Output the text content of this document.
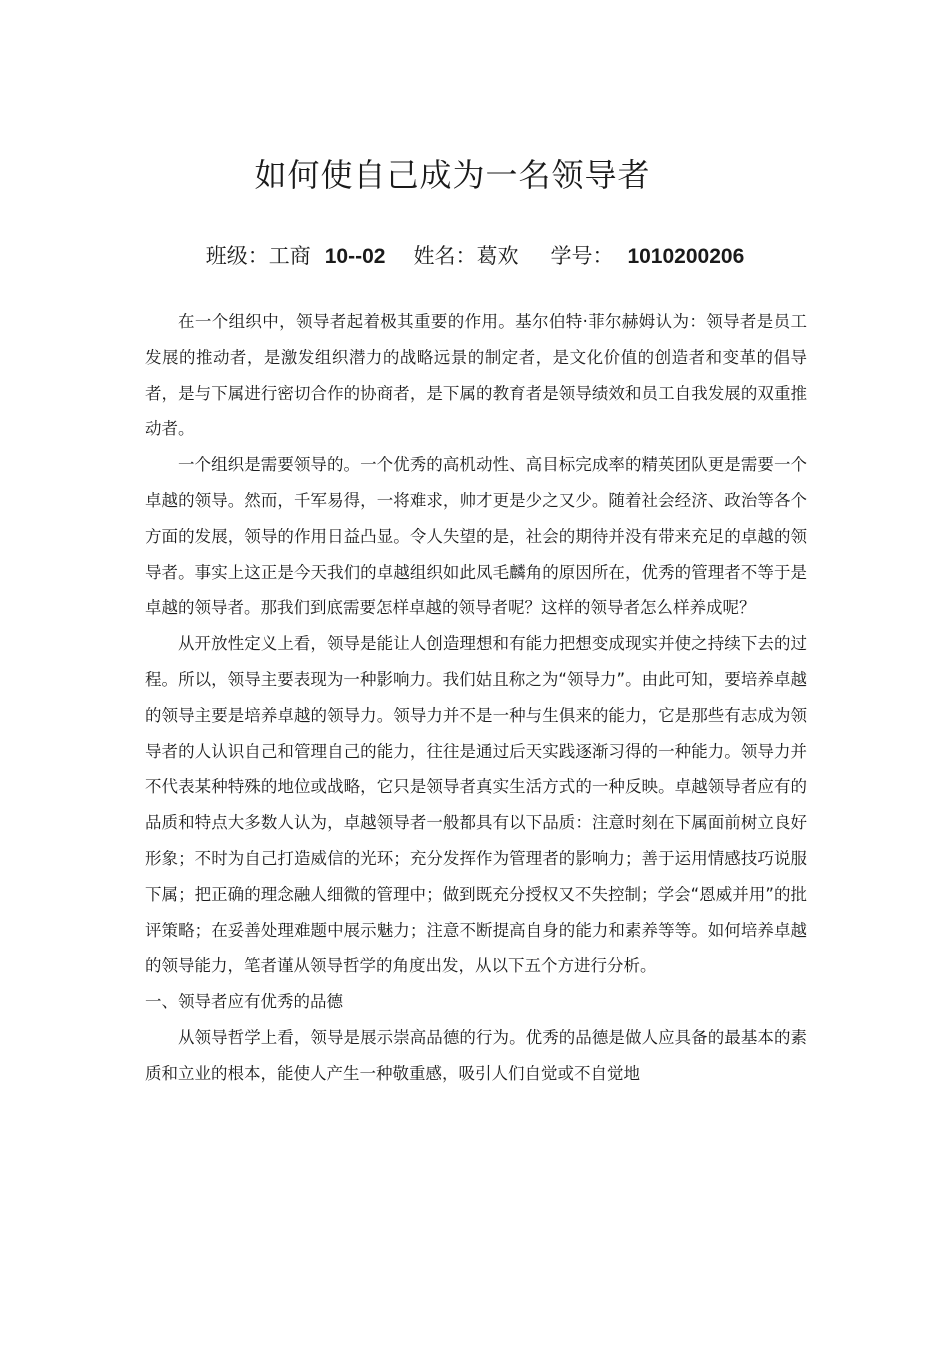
如何使自己成为一名领导者
班级：工商 10--02 姓名：葛欢 学号： 1010200206

在一个组织中，领导者起着极其重要的作用。基尔伯特·菲尔赫姆认为：领导者是员工发展的推动者，是激发组织潜力的战略远景的制定者，是文化价值的创造者和变革的倡导者，是与下属进行密切合作的协商者，是下属的教育者是领导绩效和员工自我发展的双重推动者。

一个组织是需要领导的。一个优秀的高机动性、高目标完成率的精英团队更是需要一个卓越的领导。然而，千军易得，一将难求，帅才更是少之又少。随着社会经济、政治等各个方面的发展，领导的作用日益凸显。令人失望的是，社会的期待并没有带来充足的卓越的领导者。事实上这正是今天我们的卓越组织如此凤毛麟角的原因所在，优秀的管理者不等于是卓越的领导者。那我们到底需要怎样卓越的领导者呢？这样的领导者怎么样养成呢？

从开放性定义上看，领导是能让人创造理想和有能力把想变成现实并使之持续下去的过程。所以，领导主要表现为一种影响力。我们姑且称之为“领导力”。由此可知，要培养卓越的领导主要是培养卓越的领导力。领导力并不是一种与生俱来的能力，它是那些有志成为领导者的人认识自己和管理自己的能力，往往是通过后天实践逐渐习得的一种能力。领导力并不代表某种特殊的地位或战略，它只是领导者真实生活方式的一种反映。卓越领导者应有的品质和特点大多数人认为，卓越领导者一般都具有以下品质：注意时刻在下属面前树立良好形象；不时为自己打造威信的光环；充分发挥作为管理者的影响力；善于运用情感技巧说服下属；把正确的理念融人细微的管理中；做到既充分授权又不失控制；学会“恩威并用”的批评策略；在妥善处理难题中展示魅力；注意不断提高自身的能力和素养等等。如何培养卓越的领导能力，笔者谨从领导哲学的角度出发，从以下五个方进行分析。

一、领导者应有优秀的品德

从领导哲学上看，领导是展示崇高品德的行为。优秀的品德是做人应具备的最基本的素质和立业的根本，能使人产生一种敬重感，吸引人们自觉或不自觉地
